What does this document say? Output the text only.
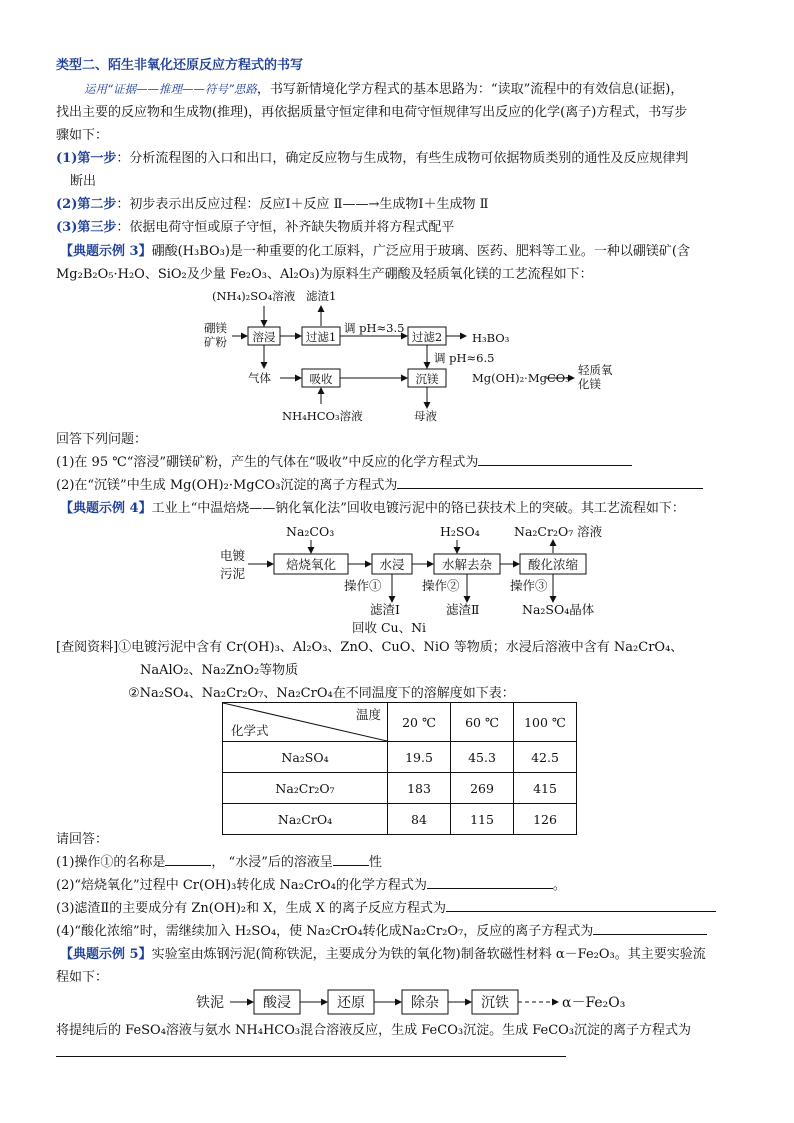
类型二、陌生非氧化还原反应方程式的书写
运用“证据——推理——符号”思路，书写新情境化学方程式的基本思路为：“读取”流程中的有效信息(证据)，
找出主要的反应物和生成物(推理)，再依据质量守恒定律和电荷守恒规律写出反应的化学(离子)方程式，书写步
骤如下：
(1)第一步：分析流程图的入口和出口，确定反应物与生成物，有些生成物可依据物质类别的通性及反应规律判
断出
(2)第二步：初步表示出反应过程：反应Ⅰ＋反应 Ⅱ——→生成物Ⅰ＋生成物 Ⅱ
(3)第三步：依据电荷守恒或原子守恒，补齐缺失物质并将方程式配平
【典题示例 3】硼酸(H₃BO₃)是一种重要的化工原料，广泛应用于玻璃、医药、肥料等工业。一种以硼镁矿(含
Mg₂B₂O₅·H₂O、SiO₂及少量 Fe₂O₃、Al₂O₃)为原料生产硼酸及轻质氧化镁的工艺流程如下：
(NH₄)₂SO₄溶液 滤渣1
硼镁
矿粉
调 pH≈3.5
H₃BO₃
调 pH≈6.5
气体	Mg(OH)₂·MgCO₃
轻质氧
化镁
NH₄HCO₃溶液	母液
溶浸	过滤1	过滤2
吸收	沉镁
回答下列问题：
(1)在 95 ℃“溶浸”硼镁矿粉，产生的气体在“吸收”中反应的化学方程式为
(2)在“沉镁”中生成 Mg(OH)₂·MgCO₃沉淀的离子方程式为
【典题示例 4】工业上“中温焙烧——钠化氧化法”回收电镀污泥中的铬已获技术上的突破。其工艺流程如下：
Na₂CO₃	H₂SO₄	Na₂Cr₂O₇ 溶液
电镀
污泥
操作①	操作②	操作③
滤渣Ⅰ	滤渣Ⅱ	Na₂SO₄晶体
回收 Cu、Ni
焙烧氧化	水浸	水解去杂	酸化浓缩
[查阅资料]①电镀污泥中含有 Cr(OH)₃、Al₂O₃、ZnO、CuO、NiO 等物质；水浸后溶液中含有 Na₂CrO₄、
NaAlO₂、Na₂ZnO₂等物质
②Na₂SO₄、Na₂Cr₂O₇、Na₂CrO₄在不同温度下的溶解度如下表：
温度
化学式	20 ℃	60 ℃	100 ℃
Na₂SO₄	19.5	45.3	42.5
Na₂Cr₂O₇	183	269	415
Na₂CrO₄	84	115	126
请回答：
(1)操作①的名称是	， “水浸”后的溶液呈	性
(2)“焙烧氧化”过程中 Cr(OH)₃转化成 Na₂CrO₄的化学方程式为	。
(3)滤渣Ⅱ的主要成分有 Zn(OH)₂和 X，生成 X 的离子反应方程式为
(4)“酸化浓缩”时，需继续加入 H₂SO₄，使 Na₂CrO₄转化成Na₂Cr₂O₇，反应的离子方程式为
【典题示例 5】实验室由炼钢污泥(简称铁泥，主要成分为铁的氧化物)制备软磁性材料 α－Fe₂O₃。其主要实验流
程如下：
铁泥	α－Fe₂O₃
酸浸	还原	除杂	沉铁
将提纯后的 FeSO₄溶液与氨水 NH₄HCO₃混合溶液反应，生成 FeCO₃沉淀。生成 FeCO₃沉淀的离子方程式为
